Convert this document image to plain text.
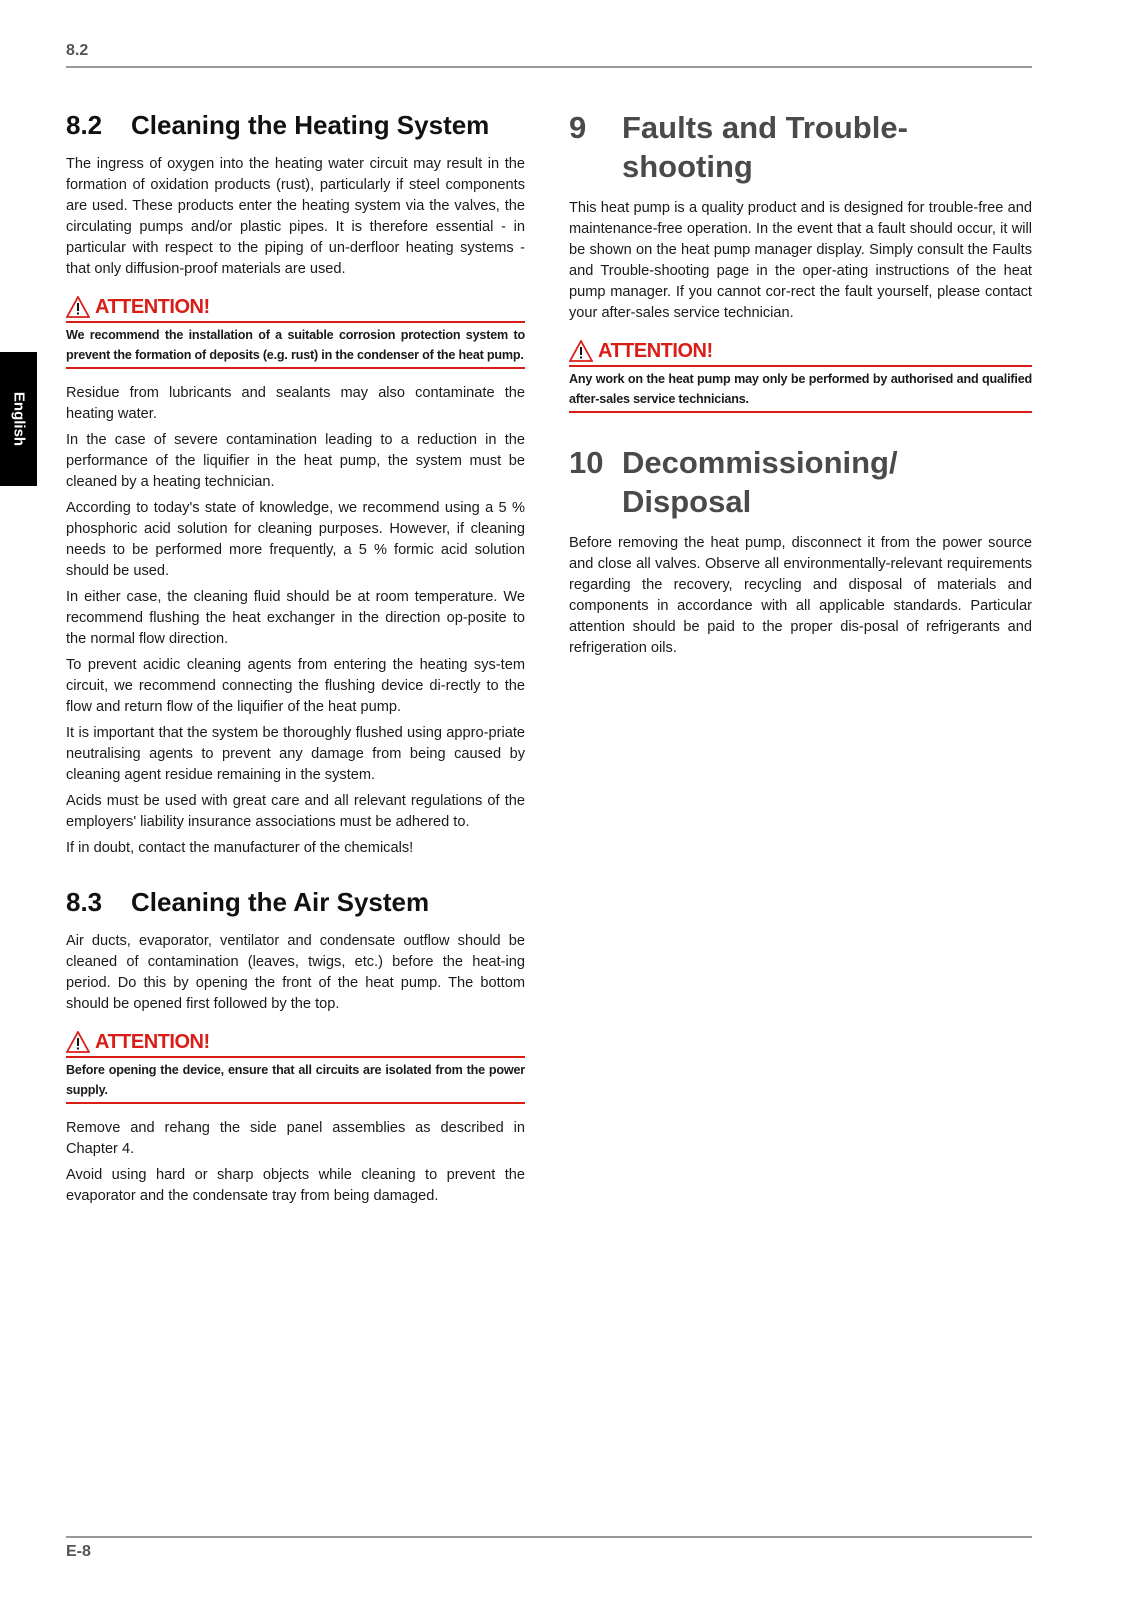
8.2
English
8.2 Cleaning the Heating System

The ingress of oxygen into the heating water circuit may result in the formation of oxidation products (rust), particularly if steel components are used. These products enter the heating system via the valves, the circulating pumps and/or plastic pipes. It is therefore essential - in particular with respect to the piping of un-derfloor heating systems - that only diffusion-proof materials are used.

ATTENTION!
We recommend the installation of a suitable corrosion protection system to prevent the formation of deposits (e.g. rust) in the condenser of the heat pump.

Residue from lubricants and sealants may also contaminate the heating water.

In the case of severe contamination leading to a reduction in the performance of the liquifier in the heat pump, the system must be cleaned by a heating technician.

According to today's state of knowledge, we recommend using a 5 % phosphoric acid solution for cleaning purposes. However, if cleaning needs to be performed more frequently, a 5 % formic acid solution should be used.

In either case, the cleaning fluid should be at room temperature. We recommend flushing the heat exchanger in the direction op-posite to the normal flow direction.

To prevent acidic cleaning agents from entering the heating sys-tem circuit, we recommend connecting the flushing device di-rectly to the flow and return flow of the liquifier of the heat pump.

It is important that the system be thoroughly flushed using appro-priate neutralising agents to prevent any damage from being caused by cleaning agent residue remaining in the system.

Acids must be used with great care and all relevant regulations of the employers' liability insurance associations must be adhered to.

If in doubt, contact the manufacturer of the chemicals!

8.3 Cleaning the Air System

Air ducts, evaporator, ventilator and condensate outflow should be cleaned of contamination (leaves, twigs, etc.) before the heat-ing period. Do this by opening the front of the heat pump. The bottom should be opened first followed by the top.

ATTENTION!
Before opening the device, ensure that all circuits are isolated from the power supply.

Remove and rehang the side panel assemblies as described in Chapter 4.

Avoid using hard or sharp objects while cleaning to prevent the evaporator and the condensate tray from being damaged.

9	Faults and Trouble-
shooting

This heat pump is a quality product and is designed for trouble-free and maintenance-free operation. In the event that a fault should occur, it will be shown on the heat pump manager display. Simply consult the Faults and Trouble-shooting page in the oper-ating instructions of the heat pump manager. If you cannot cor-rect the fault yourself, please contact your after-sales service technician.

ATTENTION!
Any work on the heat pump may only be performed by authorised and qualified after-sales service technicians.
10 Decommissioning/
Disposal

Before removing the heat pump, disconnect it from the power source and close all valves. Observe all environmentally-relevant requirements regarding the recovery, recycling and disposal of materials and components in accordance with all applicable standards. Particular attention should be paid to the proper dis-posal of refrigerants and refrigeration oils.

E-8
